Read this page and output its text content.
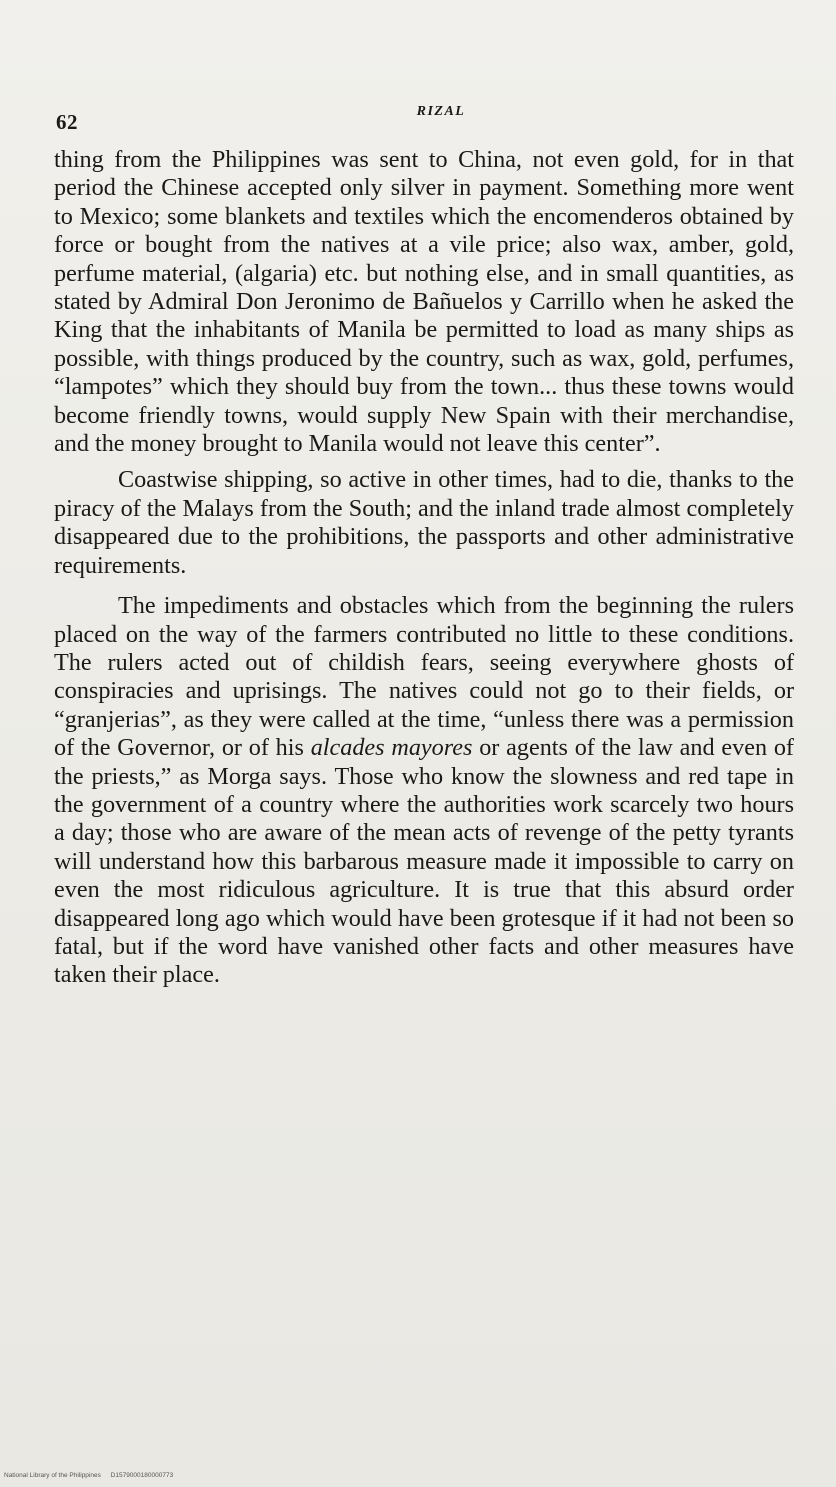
62	RIZAL

thing from the Philippines was sent to China, not even gold, for in that period the Chinese accepted only silver in payment. Something more went to Mexico; some blankets and textiles which the encomenderos obtained by force or bought from the natives at a vile price; also wax, amber, gold, perfume material, (algaria) etc. but nothing else, and in small quantities, as stated by Admiral Don Jeronimo de Bañuelos y Carrillo when he asked the King that the inhabitants of Manila be permitted to load as many ships as possible, with things produced by the country, such as wax, gold, perfumes, “lampotes” which they should buy from the town... thus these towns would become friendly towns, would supply New Spain with their merchandise, and the money brought to Manila would not leave this center”.

Coastwise shipping, so active in other times, had to die, thanks to the piracy of the Malays from the South; and the inland trade almost completely disappeared due to the prohibitions, the passports and other administrative requirements.

The impediments and obstacles which from the beginning the rulers placed on the way of the farmers contributed no little to these conditions. The rulers acted out of childish fears, seeing everywhere ghosts of conspiracies and uprisings. The natives could not go to their fields, or “granjerias”, as they were called at the time, “unless there was a permission of the Governor, or of his alcades mayores or agents of the law and even of the priests,” as Morga says. Those who know the slowness and red tape in the government of a country where the authorities work scarcely two hours a day; those who are aware of the mean acts of revenge of the petty tyrants will understand how this barbarous measure made it impossible to carry on even the most ridiculous agriculture. It is true that this absurd order disappeared long ago which would have been grotesque if it had not been so fatal, but if the word have vanished other facts and other measures have taken their place.

National Library of the Philippines D1579000180000773
